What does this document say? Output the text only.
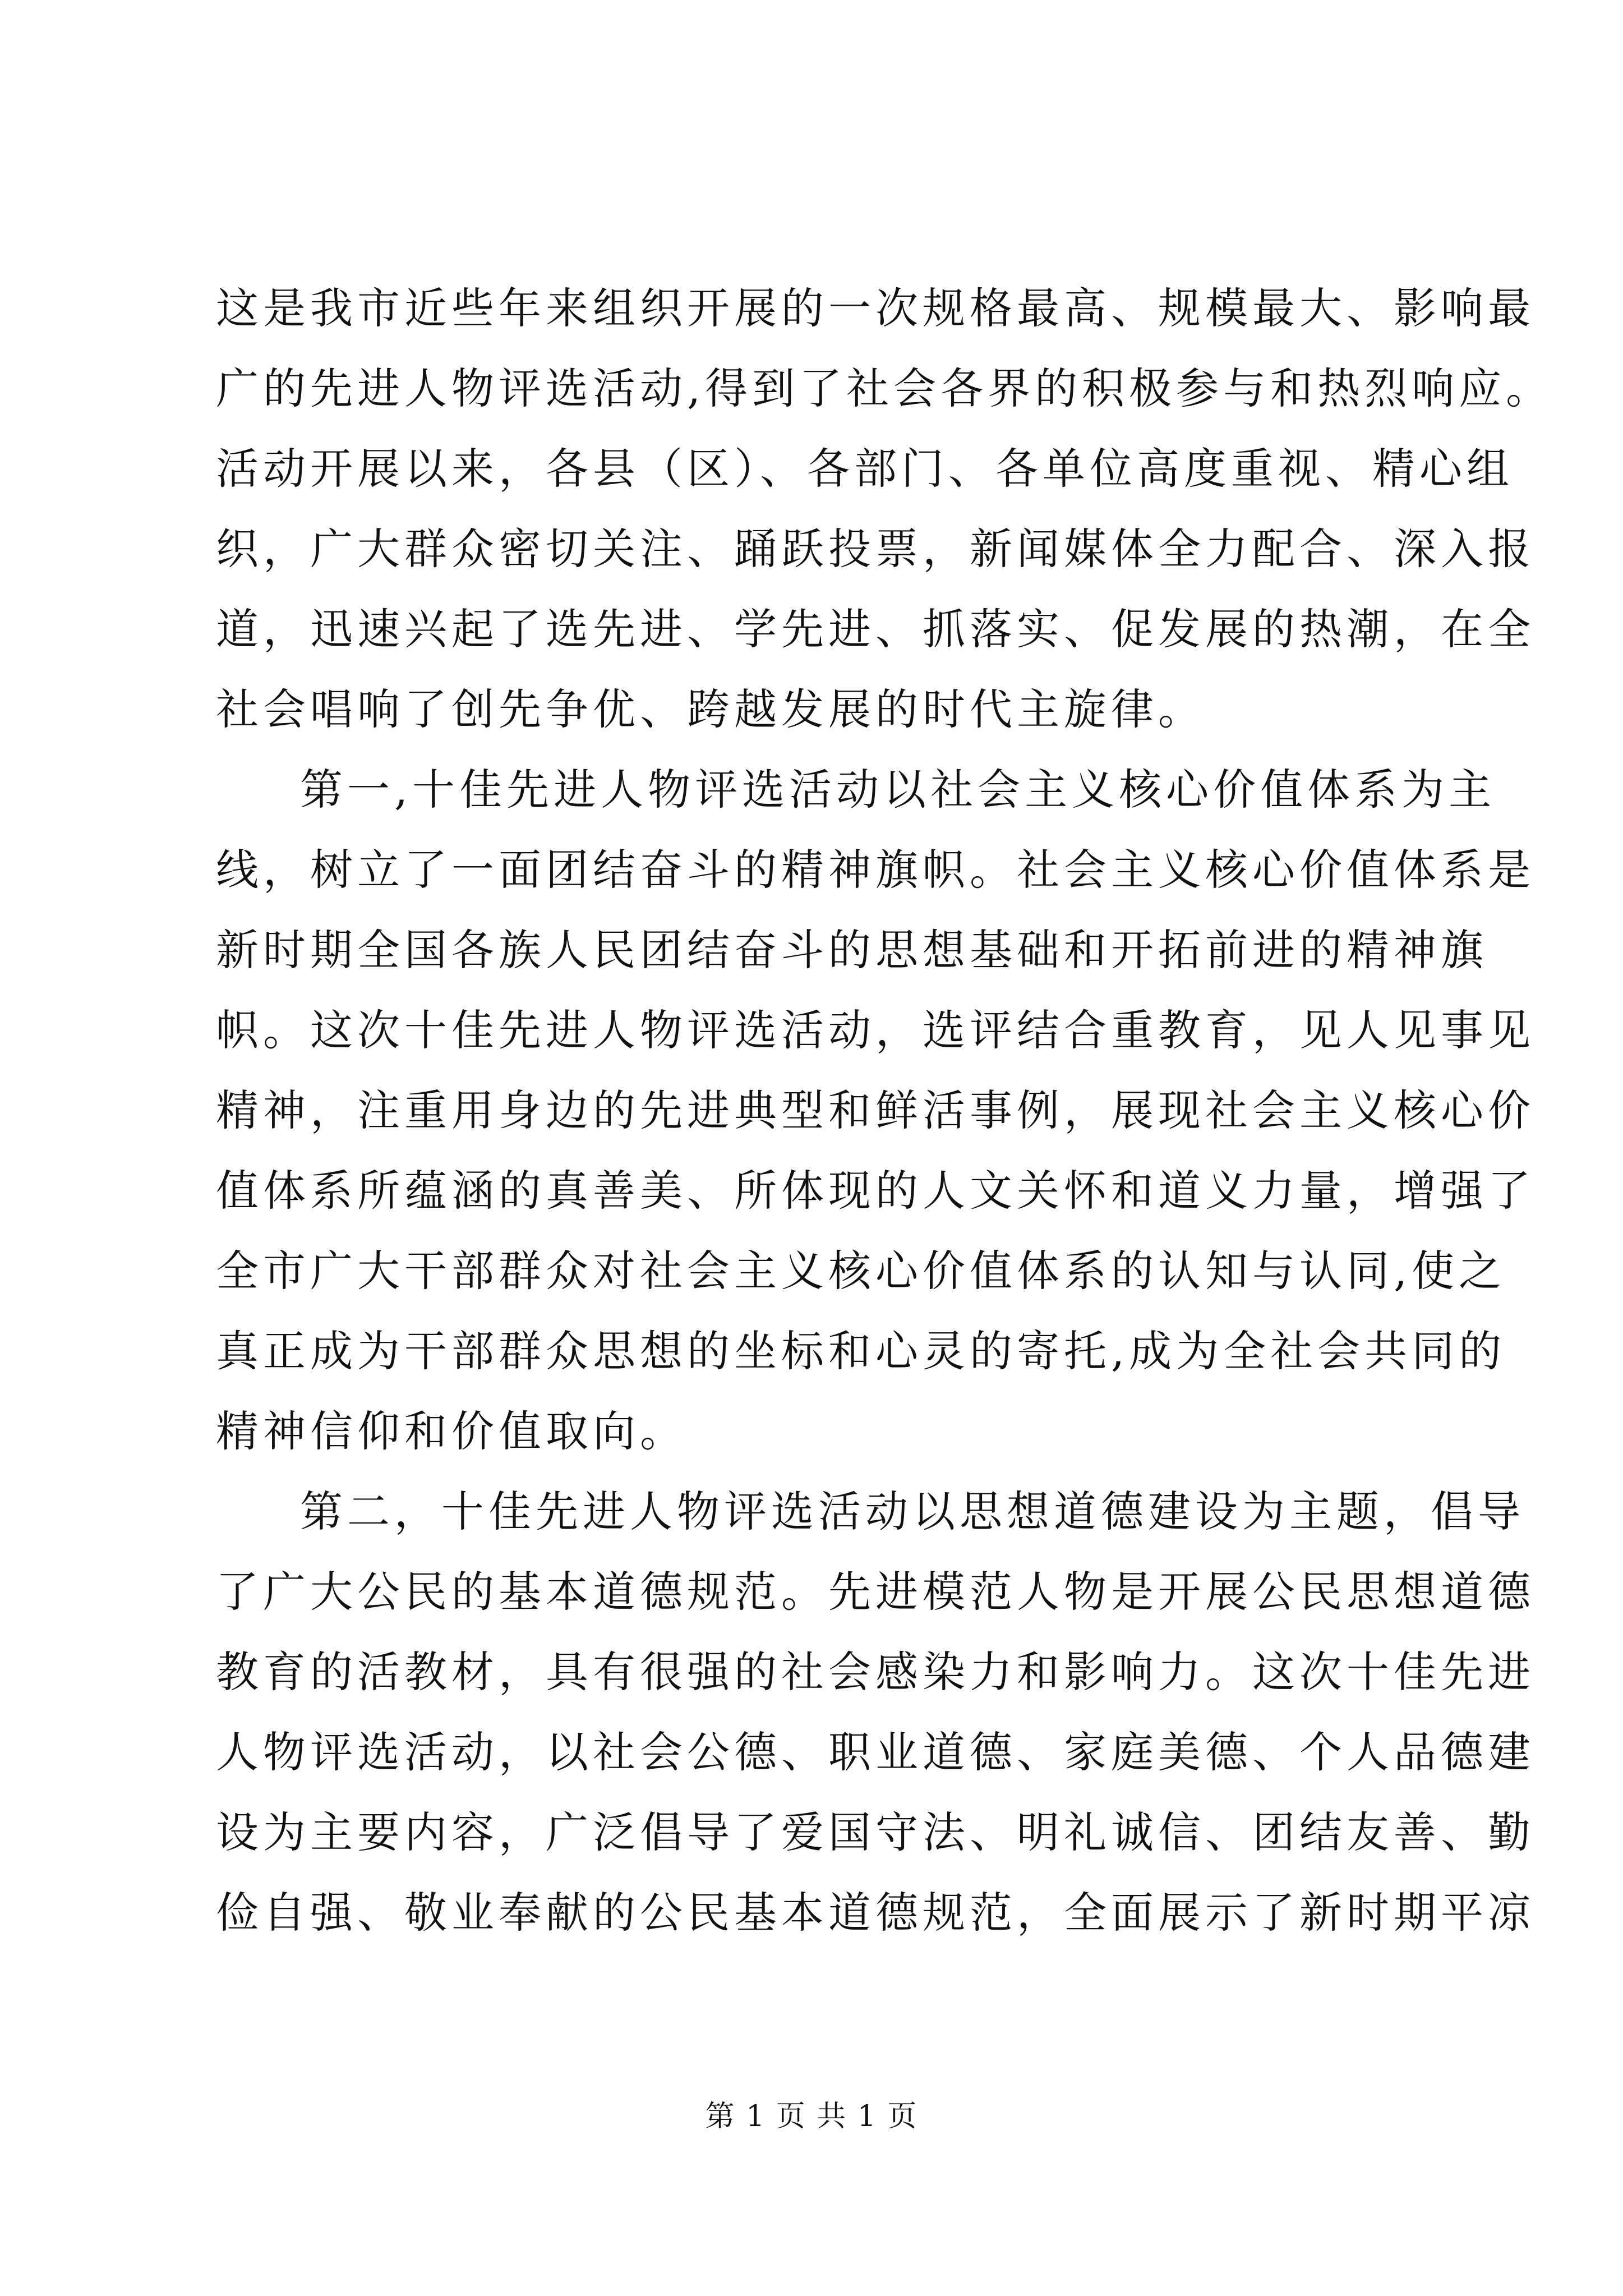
这是我市近些年来组织开展的一次规格最高、规模最大、影响最
广的先进人物评选活动,得到了社会各界的积极参与和热烈响应。
活动开展以来，各县（区）、各部门、各单位高度重视、精心组
织，广大群众密切关注、踊跃投票，新闻媒体全力配合、深入报
道，迅速兴起了选先进、学先进、抓落实、促发展的热潮，在全
社会唱响了创先争优、跨越发展的时代主旋律。
第一,十佳先进人物评选活动以社会主义核心价值体系为主
线，树立了一面团结奋斗的精神旗帜。社会主义核心价值体系是
新时期全国各族人民团结奋斗的思想基础和开拓前进的精神旗
帜。这次十佳先进人物评选活动，选评结合重教育，见人见事见
精神，注重用身边的先进典型和鲜活事例，展现社会主义核心价
值体系所蕴涵的真善美、所体现的人文关怀和道义力量，增强了
全市广大干部群众对社会主义核心价值体系的认知与认同,使之
真正成为干部群众思想的坐标和心灵的寄托,成为全社会共同的
精神信仰和价值取向。
第二，十佳先进人物评选活动以思想道德建设为主题，倡导
了广大公民的基本道德规范。先进模范人物是开展公民思想道德
教育的活教材，具有很强的社会感染力和影响力。这次十佳先进
人物评选活动，以社会公德、职业道德、家庭美德、个人品德建
设为主要内容，广泛倡导了爱国守法、明礼诚信、团结友善、勤
俭自强、敬业奉献的公民基本道德规范，全面展示了新时期平凉
第 1 页 共 1 页
